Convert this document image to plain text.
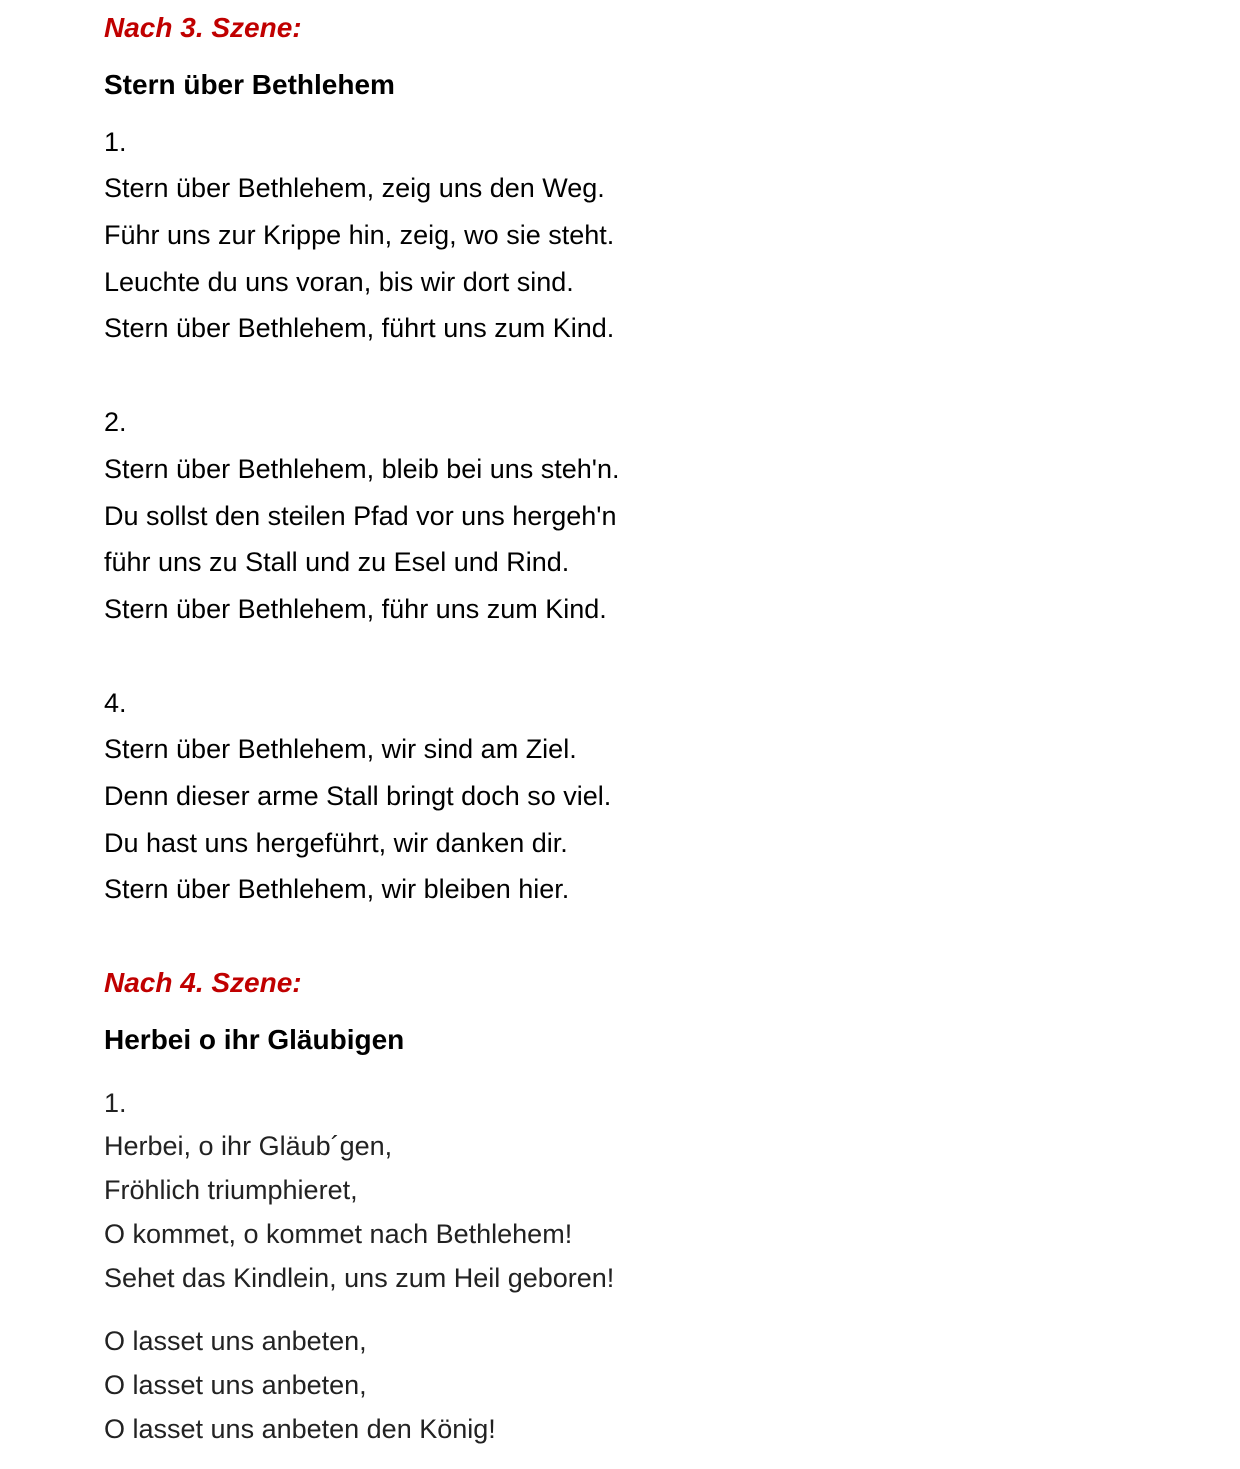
Nach 3. Szene:
Stern über Bethlehem
1.
Stern über Bethlehem, zeig uns den Weg.
Führ uns zur Krippe hin, zeig, wo sie steht.
Leuchte du uns voran, bis wir dort sind.
Stern über Bethlehem, führt uns zum Kind.
2.
Stern über Bethlehem, bleib bei uns steh'n.
Du sollst den steilen Pfad vor uns hergeh'n
führ uns zu Stall und zu Esel und Rind.
Stern über Bethlehem, führ uns zum Kind.
4.
Stern über Bethlehem, wir sind am Ziel.
Denn dieser arme Stall bringt doch so viel.
Du hast uns hergeführt, wir danken dir.
Stern über Bethlehem, wir bleiben hier.
Nach 4. Szene:
Herbei o ihr Gläubigen
1.
Herbei, o ihr Gläub´gen,
Fröhlich triumphieret,
O kommet, o kommet nach Bethlehem!
Sehet das Kindlein, uns zum Heil geboren!
O lasset uns anbeten,
O lasset uns anbeten,
O lasset uns anbeten den König!
